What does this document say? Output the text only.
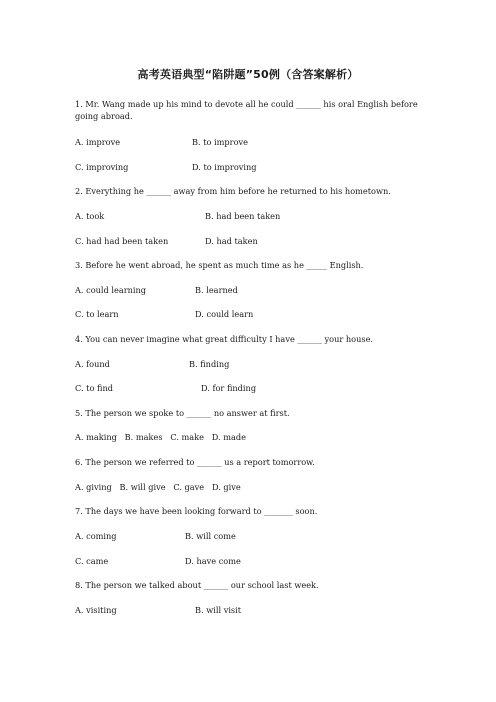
高考英语典型“陷阱题”50例（含答案解析）
1. Mr. Wang made up his mind to devote all he could ______ his oral English before going abroad.
A. improve	B. to improve
C. improving	D. to improving
2. Everything he ______ away from him before he returned to his hometown.
A. took	B. had been taken
C. had had been taken	D. had taken
3. Before he went abroad, he spent as much time as he _____ English.
A. could learning	B. learned
C. to learn	D. could learn
4. You can never imagine what great difficulty I have ______ your house.
A. found	B. finding
C. to find	D. for finding
5. The person we spoke to ______ no answer at first.
A. making   B. makes   C. make   D. made
6. The person we referred to ______ us a report tomorrow.
A. giving   B. will give   C. gave   D. give
7. The days we have been looking forward to _______ soon.
A. coming	B. will come
C. came	D. have come
8. The person we talked about ______ our school last week.
A. visiting	B. will visit
